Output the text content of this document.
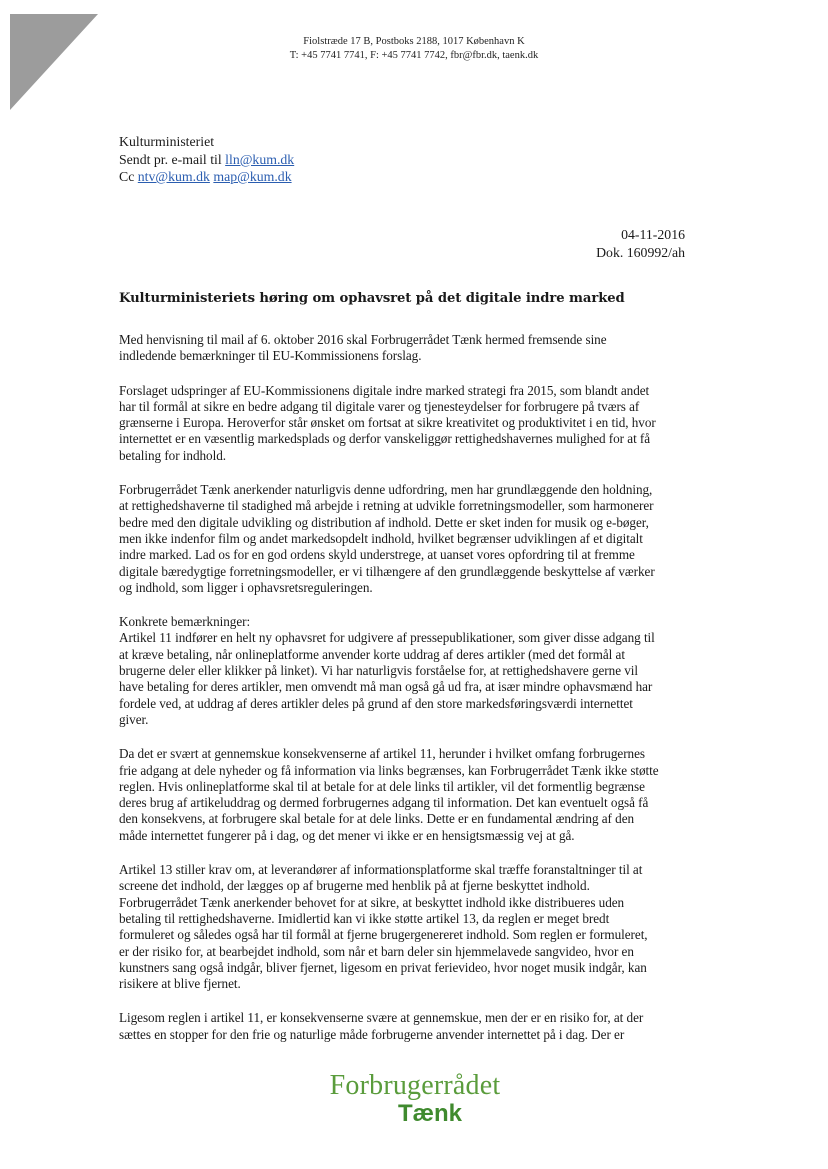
Fiolstræde 17 B, Postboks 2188, 1017 København K
T: +45 7741 7741, F: +45 7741 7742, fbr@fbr.dk, taenk.dk
Kulturministeriet
Sendt pr. e-mail til lln@kum.dk
Cc ntv@kum.dk map@kum.dk
04-11-2016
Dok. 160992/ah
Kulturministeriets høring om ophavsret på det digitale indre marked

Med henvisning til mail af 6. oktober 2016 skal Forbrugerrådet Tænk hermed fremsende sine
indledende bemærkninger til EU-Kommissionens forslag.

Forslaget udspringer af EU-Kommissionens digitale indre marked strategi fra 2015, som blandt andet
har til formål at sikre en bedre adgang til digitale varer og tjenesteydelser for forbrugere på tværs af
grænserne i Europa. Heroverfor står ønsket om fortsat at sikre kreativitet og produktivitet i en tid, hvor
internettet er en væsentlig markedsplads og derfor vanskeliggør rettighedshavernes mulighed for at få
betaling for indhold.

Forbrugerrådet Tænk anerkender naturligvis denne udfordring, men har grundlæggende den holdning,
at rettighedshaverne til stadighed må arbejde i retning at udvikle forretningsmodeller, som harmonerer
bedre med den digitale udvikling og distribution af indhold. Dette er sket inden for musik og e-bøger,
men ikke indenfor film og andet markedsopdelt indhold, hvilket begrænser udviklingen af et digitalt
indre marked. Lad os for en god ordens skyld understrege, at uanset vores opfordring til at fremme
digitale bæredygtige forretningsmodeller, er vi tilhængere af den grundlæggende beskyttelse af værker
og indhold, som ligger i ophavsretsreguleringen.

Konkrete bemærkninger:
Artikel 11 indfører en helt ny ophavsret for udgivere af pressepublikationer, som giver disse adgang til
at kræve betaling, når onlineplatforme anvender korte uddrag af deres artikler (med det formål at
brugerne deler eller klikker på linket). Vi har naturligvis forståelse for, at rettighedshavere gerne vil
have betaling for deres artikler, men omvendt må man også gå ud fra, at især mindre ophavsmænd har
fordele ved, at uddrag af deres artikler deles på grund af den store markedsføringsværdi internettet
giver.

Da det er svært at gennemskue konsekvenserne af artikel 11, herunder i hvilket omfang forbrugernes
frie adgang at dele nyheder og få information via links begrænses, kan Forbrugerrådet Tænk ikke støtte
reglen. Hvis onlineplatforme skal til at betale for at dele links til artikler, vil det formentlig begrænse
deres brug af artikeluddrag og dermed forbrugernes adgang til information. Det kan eventuelt også få
den konsekvens, at forbrugere skal betale for at dele links. Dette er en fundamental ændring af den
måde internettet fungerer på i dag, og det mener vi ikke er en hensigtsmæssig vej at gå.

Artikel 13 stiller krav om, at leverandører af informationsplatforme skal træffe foranstaltninger til at
screene det indhold, der lægges op af brugerne med henblik på at fjerne beskyttet indhold.
Forbrugerrådet Tænk anerkender behovet for at sikre, at beskyttet indhold ikke distribueres uden
betaling til rettighedshaverne. Imidlertid kan vi ikke støtte artikel 13, da reglen er meget bredt
formuleret og således også har til formål at fjerne brugergenereret indhold. Som reglen er formuleret,
er der risiko for, at bearbejdet indhold, som når et barn deler sin hjemmelavede sangvideo, hvor en
kunstners sang også indgår, bliver fjernet, ligesom en privat ferievideo, hvor noget musik indgår, kan
risikere at blive fjernet.

Ligesom reglen i artikel 11, er konsekvenserne svære at gennemskue, men der er en risiko for, at der
sættes en stopper for den frie og naturlige måde forbrugerne anvender internettet på i dag. Der er

Forbrugerrådet
Tænk
